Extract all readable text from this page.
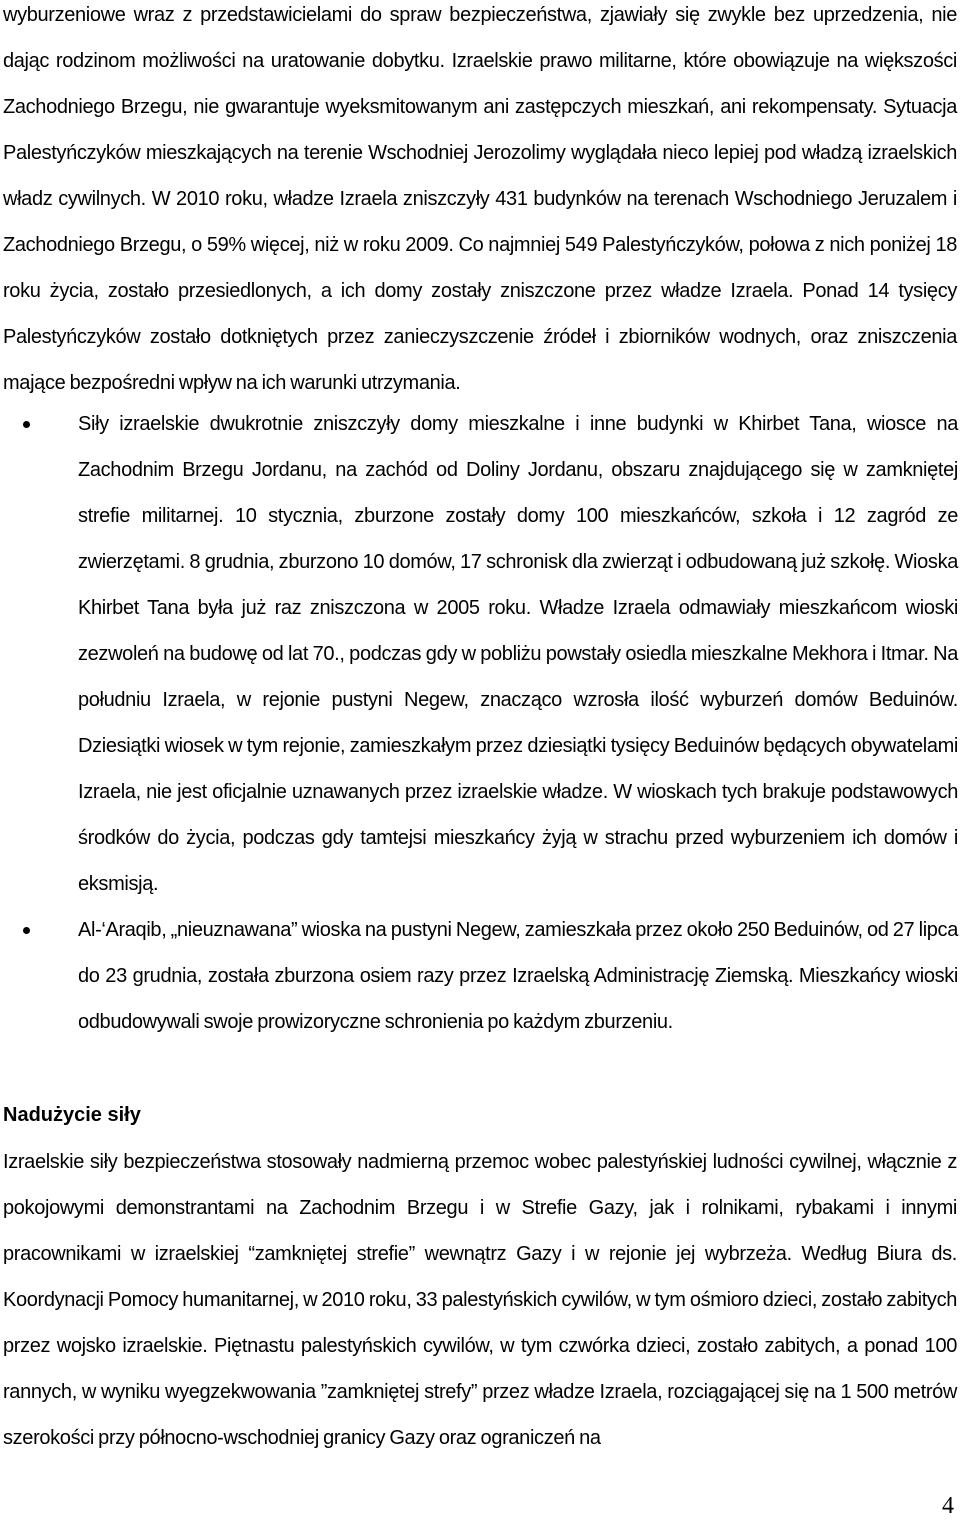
wyburzeniowe wraz z przedstawicielami do spraw bezpieczeństwa, zjawiały się zwykle bez uprzedzenia, nie dając rodzinom możliwości na uratowanie dobytku. Izraelskie prawo militarne, które obowiązuje na większości Zachodniego Brzegu, nie gwarantuje wyeksmitowanym ani zastępczych mieszkań, ani rekompensaty. Sytuacja Palestyńczyków mieszkających na terenie Wschodniej Jerozolimy wyglądała nieco lepiej pod władzą izraelskich władz cywilnych. W 2010 roku, władze Izraela zniszczyły 431 budynków na terenach Wschodniego Jeruzalem i Zachodniego Brzegu, o 59% więcej, niż w roku 2009. Co najmniej 549 Palestyńczyków, połowa z nich poniżej 18 roku życia, zostało przesiedlonych, a ich domy zostały zniszczone przez władze Izraela. Ponad 14 tysięcy Palestyńczyków zostało dotkniętych przez zanieczyszczenie źródeł i zbiorników wodnych, oraz zniszczenia mające bezpośredni wpływ na ich warunki utrzymania.

Siły izraelskie dwukrotnie zniszczyły domy mieszkalne i inne budynki w Khirbet Tana, wiosce na Zachodnim Brzegu Jordanu, na zachód od Doliny Jordanu, obszaru znajdującego się w zamkniętej strefie militarnej. 10 stycznia, zburzone zostały domy 100 mieszkańców, szkoła i 12 zagród ze zwierzętami. 8 grudnia, zburzono 10 domów, 17 schronisk dla zwierząt i odbudowaną już szkołę. Wioska Khirbet Tana była już raz zniszczona w 2005 roku. Władze Izraela odmawiały mieszkańcom wioski zezwoleń na budowę od lat 70., podczas gdy w pobliżu powstały osiedla mieszkalne Mekhora i Itmar. Na południu Izraela, w rejonie pustyni Negew, znacząco wzrosła ilość wyburzeń domów Beduinów. Dziesiątki wiosek w tym rejonie, zamieszkałym przez dziesiątki tysięcy Beduinów będących obywatelami Izraela, nie jest oficjalnie uznawanych przez izraelskie władze. W wioskach tych brakuje podstawowych środków do życia, podczas gdy tamtejsi mieszkańcy żyją w strachu przed wyburzeniem ich domów i eksmisją.
Al-‘Araqib, „nieuznawana” wioska na pustyni Negew, zamieszkała przez około 250 Beduinów, od 27 lipca do 23 grudnia, została zburzona osiem razy przez Izraelską Administrację Ziemską. Mieszkańcy wioski odbudowywali swoje prowizoryczne schronienia po każdym zburzeniu.
Nadużycie siły

Izraelskie siły bezpieczeństwa stosowały nadmierną przemoc wobec palestyńskiej ludności cywilnej, włącznie z pokojowymi demonstrantami na Zachodnim Brzegu i w Strefie Gazy, jak i rolnikami, rybakami i innymi pracownikami w izraelskiej “zamkniętej strefie” wewnątrz Gazy i w rejonie jej wybrzeża. Według Biura ds. Koordynacji Pomocy humanitarnej, w 2010 roku, 33 palestyńskich cywilów, w tym ośmioro dzieci, zostało zabitych przez wojsko izraelskie. Piętnastu palestyńskich cywilów, w tym czwórka dzieci, zostało zabitych, a ponad 100 rannych, w wyniku wyegzekwowania ”zamkniętej strefy” przez władze Izraela, rozciągającej się na 1 500 metrów szerokości przy północno-wschodniej granicy Gazy oraz ograniczeń na

4
